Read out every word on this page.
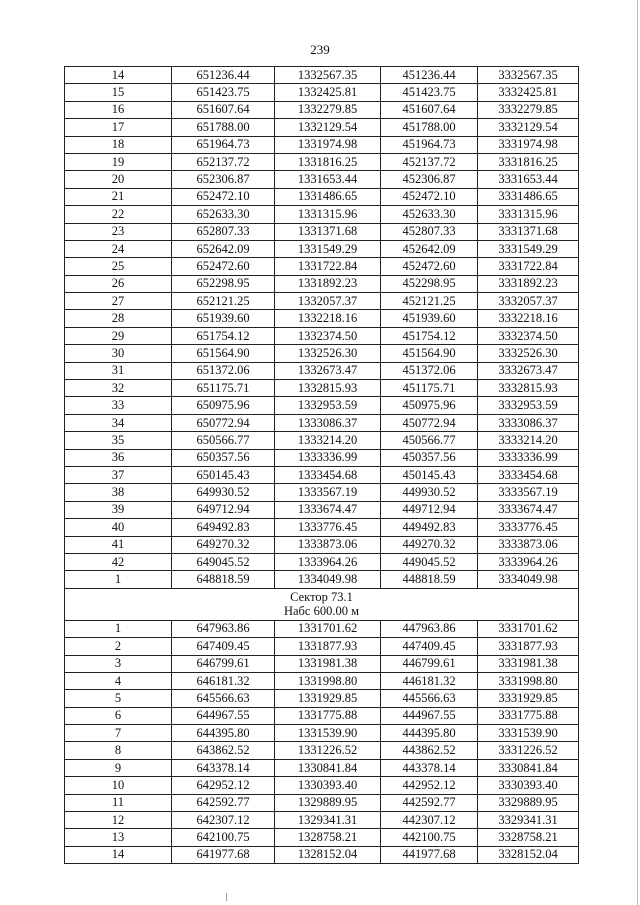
239
14	651236.44	1332567.35	451236.44	3332567.35
15	651423.75	1332425.81	451423.75	3332425.81
16	651607.64	1332279.85	451607.64	3332279.85
17	651788.00	1332129.54	451788.00	3332129.54
18	651964.73	1331974.98	451964.73	3331974.98
19	652137.72	1331816.25	452137.72	3331816.25
20	652306.87	1331653.44	452306.87	3331653.44
21	652472.10	1331486.65	452472.10	3331486.65
22	652633.30	1331315.96	452633.30	3331315.96
23	652807.33	1331371.68	452807.33	3331371.68
24	652642.09	1331549.29	452642.09	3331549.29
25	652472.60	1331722.84	452472.60	3331722.84
26	652298.95	1331892.23	452298.95	3331892.23
27	652121.25	1332057.37	452121.25	3332057.37
28	651939.60	1332218.16	451939.60	3332218.16
29	651754.12	1332374.50	451754.12	3332374.50
30	651564.90	1332526.30	451564.90	3332526.30
31	651372.06	1332673.47	451372.06	3332673.47
32	651175.71	1332815.93	451175.71	3332815.93
33	650975.96	1332953.59	450975.96	3332953.59
34	650772.94	1333086.37	450772.94	3333086.37
35	650566.77	1333214.20	450566.77	3333214.20
36	650357.56	1333336.99	450357.56	3333336.99
37	650145.43	1333454.68	450145.43	3333454.68
38	649930.52	1333567.19	449930.52	3333567.19
39	649712.94	1333674.47	449712.94	3333674.47
40	649492.83	1333776.45	449492.83	3333776.45
41	649270.32	1333873.06	449270.32	3333873.06
42	649045.52	1333964.26	449045.52	3333964.26
1	648818.59	1334049.98	448818.59	3334049.98

Сектор 73.1
Набс 600.00 м				

1	647963.86	1331701.62	447963.86	3331701.62
2	647409.45	1331877.93	447409.45	3331877.93
3	646799.61	1331981.38	446799.61	3331981.38
4	646181.32	1331998.80	446181.32	3331998.80
5	645566.63	1331929.85	445566.63	3331929.85
6	644967.55	1331775.88	444967.55	3331775.88
7	644395.80	1331539.90	444395.80	3331539.90
8	643862.52	1331226.52	443862.52	3331226.52
9	643378.14	1330841.84	443378.14	3330841.84
10	642952.12	1330393.40	442952.12	3330393.40
11	642592.77	1329889.95	442592.77	3329889.95
12	642307.12	1329341.31	442307.12	3329341.31
13	642100.75	1328758.21	442100.75	3328758.21
14	641977.68	1328152.04	441977.68	3328152.04
